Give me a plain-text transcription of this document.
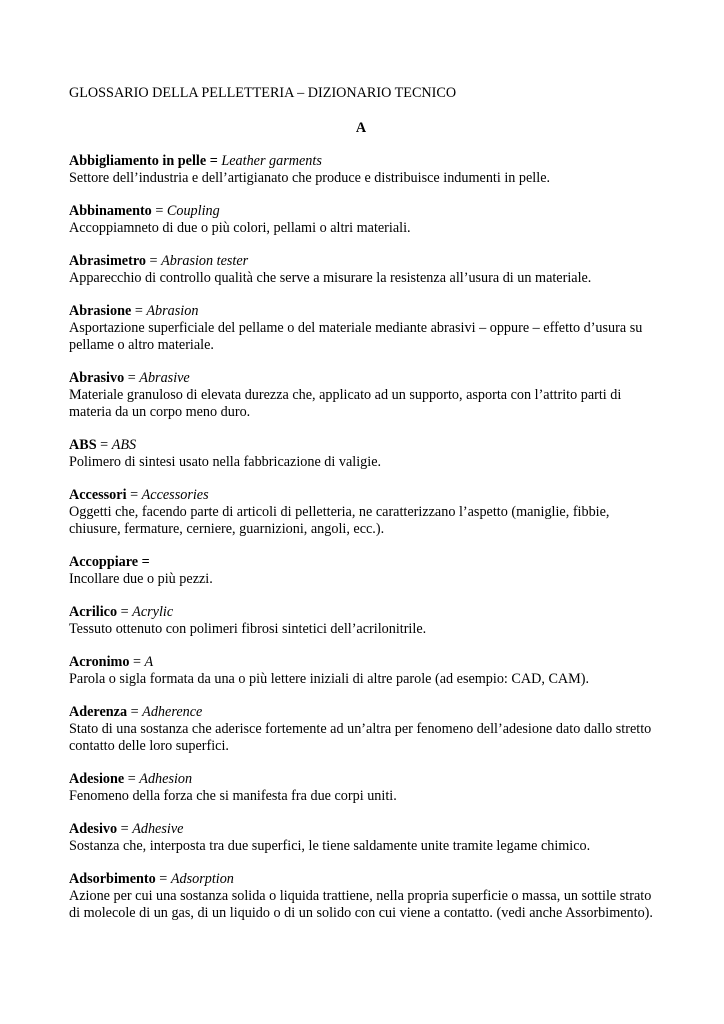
GLOSSARIO DELLA PELLETTERIA – DIZIONARIO TECNICO
A
Abbigliamento in pelle = Leather garments
Settore dell’industria e dell’artigianato che produce e distribuisce indumenti in pelle.
Abbinamento = Coupling
Accoppiamneto di due o più colori, pellami o altri materiali.
Abrasimetro = Abrasion tester
Apparecchio di controllo qualità che serve a misurare la resistenza all’usura di un materiale.
Abrasione = Abrasion
Asportazione superficiale del pellame o del materiale mediante abrasivi – oppure – effetto d’usura su pellame o altro materiale.
Abrasivo = Abrasive
Materiale granuloso di elevata durezza che, applicato ad un supporto, asporta con l’attrito parti di materia da un corpo meno duro.
ABS = ABS
Polimero di sintesi usato nella fabbricazione di valigie.
Accessori = Accessories
Oggetti che, facendo parte di articoli di pelletteria, ne caratterizzano l’aspetto (maniglie, fibbie, chiusure, fermature, cerniere, guarnizioni, angoli, ecc.).
Accoppiare =
Incollare due o più pezzi.
Acrilico = Acrylic
Tessuto ottenuto con polimeri fibrosi sintetici dell’acrilonitrile.
Acronimo = A
Parola o sigla formata da una o più lettere iniziali di altre parole (ad esempio: CAD, CAM).
Aderenza = Adherence
Stato di una sostanza che aderisce fortemente ad un’altra per fenomeno dell’adesione dato dallo stretto contatto delle loro superfici.
Adesione = Adhesion
Fenomeno della forza che si manifesta fra due corpi uniti.
Adesivo = Adhesive
Sostanza che, interposta tra due superfici, le tiene saldamente unite tramite legame chimico.
Adsorbimento = Adsorption
Azione per cui una sostanza solida o liquida trattiene, nella propria superficie o massa, un sottile strato di molecole di un gas, di un liquido o di un solido con cui viene a contatto. (vedi anche Assorbimento).
